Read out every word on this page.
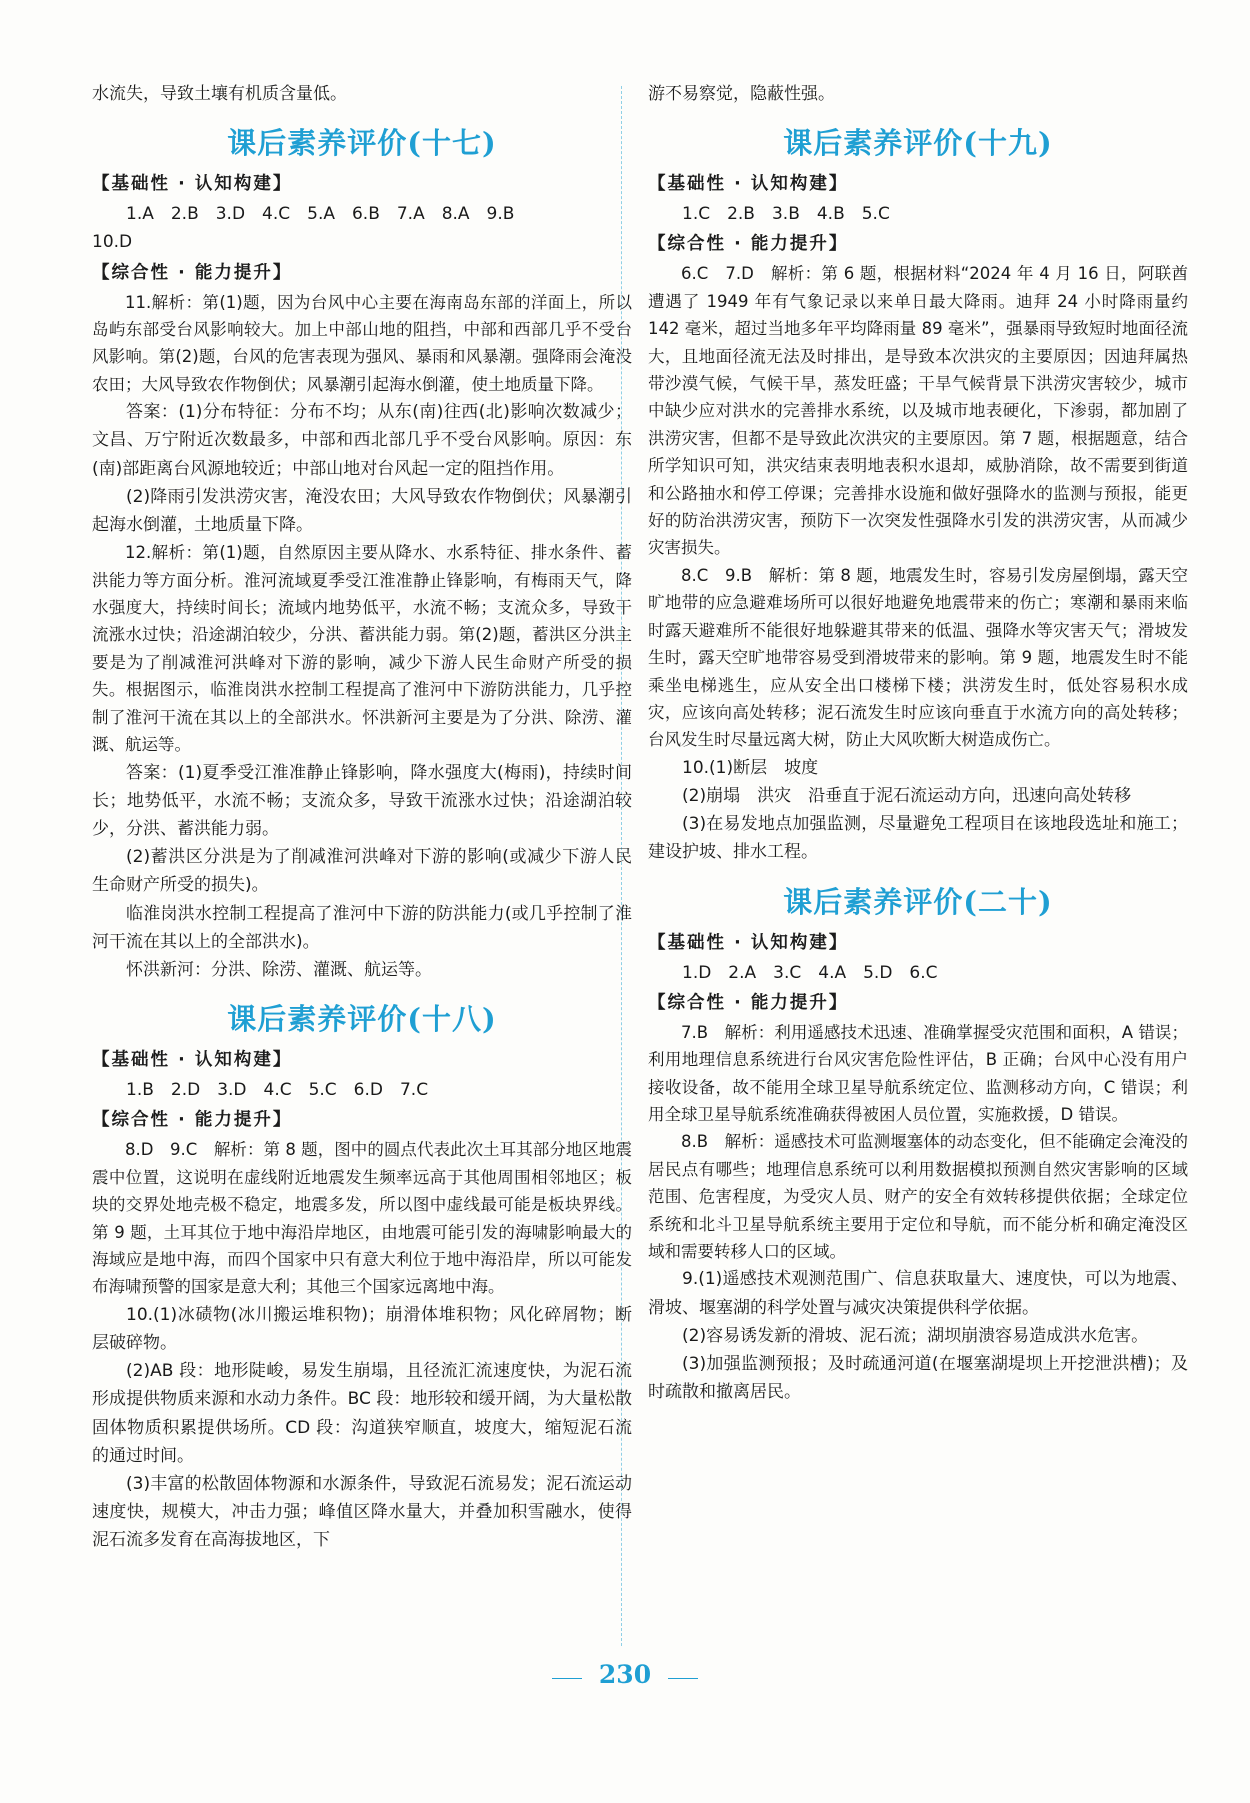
水流失，导致土壤有机质含量低。

课后素养评价(十七)
【基础性 · 认知构建】

1.A　2.B　3.D　4.C　5.A　6.B　7.A　8.A　9.B

10.D

【综合性 · 能力提升】

11.解析：第(1)题，因为台风中心主要在海南岛东部的洋面上，所以岛屿东部受台风影响较大。加上中部山地的阻挡，中部和西部几乎不受台风影响。第(2)题，台风的危害表现为强风、暴雨和风暴潮。强降雨会淹没农田；大风导致农作物倒伏；风暴潮引起海水倒灌，使土地质量下降。

答案：(1)分布特征：分布不均；从东(南)往西(北)影响次数减少；文昌、万宁附近次数最多，中部和西北部几乎不受台风影响。原因：东(南)部距离台风源地较近；中部山地对台风起一定的阻挡作用。

(2)降雨引发洪涝灾害，淹没农田；大风导致农作物倒伏；风暴潮引起海水倒灌，土地质量下降。

12.解析：第(1)题，自然原因主要从降水、水系特征、排水条件、蓄洪能力等方面分析。淮河流域夏季受江淮准静止锋影响，有梅雨天气，降水强度大，持续时间长；流域内地势低平，水流不畅；支流众多，导致干流涨水过快；沿途湖泊较少，分洪、蓄洪能力弱。第(2)题，蓄洪区分洪主要是为了削减淮河洪峰对下游的影响，减少下游人民生命财产所受的损失。根据图示，临淮岗洪水控制工程提高了淮河中下游防洪能力，几乎控制了淮河干流在其以上的全部洪水。怀洪新河主要是为了分洪、除涝、灌溉、航运等。

答案：(1)夏季受江淮准静止锋影响，降水强度大(梅雨)，持续时间长；地势低平，水流不畅；支流众多，导致干流涨水过快；沿途湖泊较少，分洪、蓄洪能力弱。

(2)蓄洪区分洪是为了削减淮河洪峰对下游的影响(或减少下游人民生命财产所受的损失)。

临淮岗洪水控制工程提高了淮河中下游的防洪能力(或几乎控制了淮河干流在其以上的全部洪水)。

怀洪新河：分洪、除涝、灌溉、航运等。

课后素养评价(十八)
【基础性 · 认知构建】

1.B　2.D　3.D　4.C　5.C　6.D　7.C

【综合性 · 能力提升】

8.D　9.C　解析：第 8 题，图中的圆点代表此次土耳其部分地区地震震中位置，这说明在虚线附近地震发生频率远高于其他周围相邻地区；板块的交界处地壳极不稳定，地震多发，所以图中虚线最可能是板块界线。第 9 题，土耳其位于地中海沿岸地区，由地震可能引发的海啸影响最大的海域应是地中海，而四个国家中只有意大利位于地中海沿岸，所以可能发布海啸预警的国家是意大利；其他三个国家远离地中海。

10.(1)冰碛物(冰川搬运堆积物)；崩滑体堆积物；风化碎屑物；断层破碎物。

(2)AB 段：地形陡峻，易发生崩塌，且径流汇流速度快，为泥石流形成提供物质来源和水动力条件。BC 段：地形较和缓开阔，为大量松散固体物质积累提供场所。CD 段：沟道狭窄顺直，坡度大，缩短泥石流的通过时间。

(3)丰富的松散固体物源和水源条件，导致泥石流易发；泥石流运动速度快，规模大，冲击力强；峰值区降水量大，并叠加积雪融水，使得泥石流多发育在高海拔地区，下

游不易察觉，隐蔽性强。

课后素养评价(十九)
【基础性 · 认知构建】

1.C　2.B　3.B　4.B　5.C

【综合性 · 能力提升】

6.C　7.D　解析：第 6 题，根据材料“2024 年 4 月 16 日，阿联酋遭遇了 1949 年有气象记录以来单日最大降雨。迪拜 24 小时降雨量约 142 毫米，超过当地多年平均降雨量 89 毫米”，强暴雨导致短时地面径流大，且地面径流无法及时排出，是导致本次洪灾的主要原因；因迪拜属热带沙漠气候，气候干旱，蒸发旺盛；干旱气候背景下洪涝灾害较少，城市中缺少应对洪水的完善排水系统，以及城市地表硬化，下渗弱，都加剧了洪涝灾害，但都不是导致此次洪灾的主要原因。第 7 题，根据题意，结合所学知识可知，洪灾结束表明地表积水退却，威胁消除，故不需要到街道和公路抽水和停工停课；完善排水设施和做好强降水的监测与预报，能更好的防治洪涝灾害，预防下一次突发性强降水引发的洪涝灾害，从而减少灾害损失。

8.C　9.B　解析：第 8 题，地震发生时，容易引发房屋倒塌，露天空旷地带的应急避难场所可以很好地避免地震带来的伤亡；寒潮和暴雨来临时露天避难所不能很好地躲避其带来的低温、强降水等灾害天气；滑坡发生时，露天空旷地带容易受到滑坡带来的影响。第 9 题，地震发生时不能乘坐电梯逃生，应从安全出口楼梯下楼；洪涝发生时，低处容易积水成灾，应该向高处转移；泥石流发生时应该向垂直于水流方向的高处转移；台风发生时尽量远离大树，防止大风吹断大树造成伤亡。

10.(1)断层　坡度

(2)崩塌　洪灾　沿垂直于泥石流运动方向，迅速向高处转移

(3)在易发地点加强监测，尽量避免工程项目在该地段选址和施工；建设护坡、排水工程。

课后素养评价(二十)
【基础性 · 认知构建】

1.D　2.A　3.C　4.A　5.D　6.C

【综合性 · 能力提升】

7.B　解析：利用遥感技术迅速、准确掌握受灾范围和面积，A 错误；利用地理信息系统进行台风灾害危险性评估，B 正确；台风中心没有用户接收设备，故不能用全球卫星导航系统定位、监测移动方向，C 错误；利用全球卫星导航系统准确获得被困人员位置，实施救援，D 错误。

8.B　解析：遥感技术可监测堰塞体的动态变化，但不能确定会淹没的居民点有哪些；地理信息系统可以利用数据模拟预测自然灾害影响的区域范围、危害程度，为受灾人员、财产的安全有效转移提供依据；全球定位系统和北斗卫星导航系统主要用于定位和导航，而不能分析和确定淹没区域和需要转移人口的区域。

9.(1)遥感技术观测范围广、信息获取量大、速度快，可以为地震、滑坡、堰塞湖的科学处置与减灾决策提供科学依据。

(2)容易诱发新的滑坡、泥石流；湖坝崩溃容易造成洪水危害。

(3)加强监测预报；及时疏通河道(在堰塞湖堤坝上开挖泄洪槽)；及时疏散和撤离居民。

230
